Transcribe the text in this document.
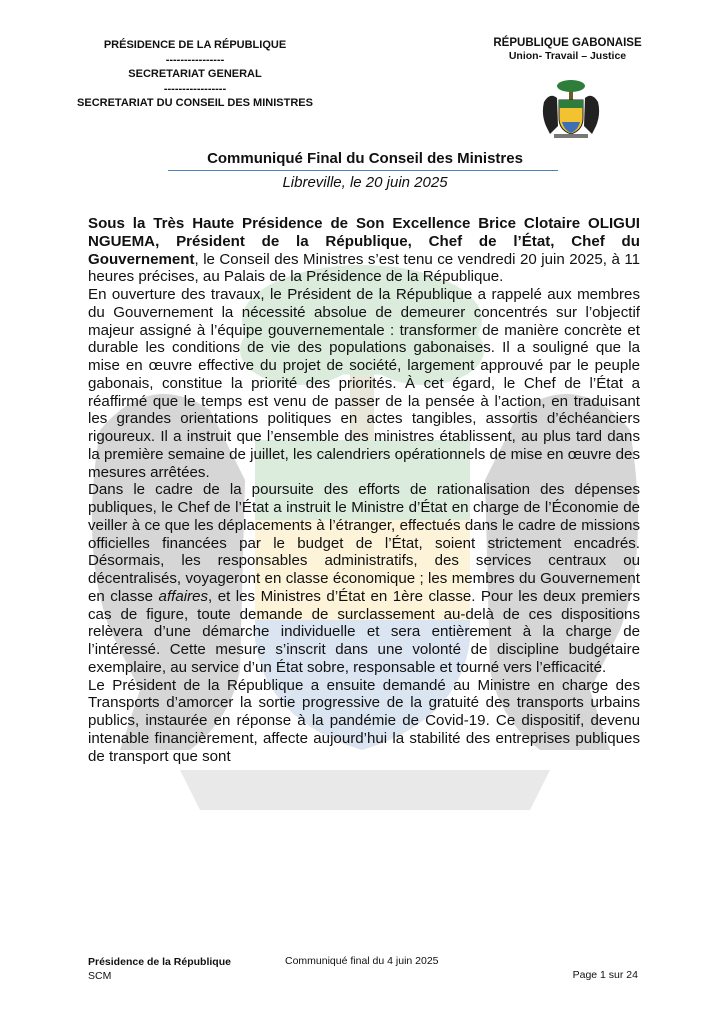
PRÉSIDENCE DE LA RÉPUBLIQUE
----------------
SECRETARIAT GENERAL
-----------------
SECRETARIAT DU CONSEIL DES MINISTRES
RÉPUBLIQUE GABONAISE
Union- Travail – Justice
Communiqué Final du Conseil des Ministres
Libreville, le 20 juin 2025

Sous la Très Haute Présidence de Son Excellence Brice Clotaire OLIGUI NGUEMA, Président de la République, Chef de l’État, Chef du Gouvernement, le Conseil des Ministres s’est tenu ce vendredi 20 juin 2025, à 11 heures précises, au Palais de la Présidence de la République.

En ouverture des travaux, le Président de la République a rappelé aux membres du Gouvernement la nécessité absolue de demeurer concentrés sur l’objectif majeur assigné à l’équipe gouvernementale : transformer de manière concrète et durable les conditions de vie des populations gabonaises. Il a souligné que la mise en œuvre effective du projet de société, largement approuvé par le peuple gabonais, constitue la priorité des priorités. À cet égard, le Chef de l’État a réaffirmé que le temps est venu de passer de la pensée à l’action, en traduisant les grandes orientations politiques en actes tangibles, assortis d’échéanciers rigoureux. Il a instruit que l’ensemble des ministres établissent, au plus tard dans la première semaine de juillet, les calendriers opérationnels de mise en œuvre des mesures arrêtées.

Dans le cadre de la poursuite des efforts de rationalisation des dépenses publiques, le Chef de l’État a instruit le Ministre d’État en charge de l’Économie de veiller à ce que les déplacements à l’étranger, effectués dans le cadre de missions officielles financées par le budget de l’État, soient strictement encadrés. Désormais, les responsables administratifs, des services centraux ou décentralisés, voyageront en classe économique ; les membres du Gouvernement en classe affaires, et les Ministres d’État en 1ère classe. Pour les deux premiers cas de figure, toute demande de surclassement au-delà de ces dispositions relèvera d’une démarche individuelle et sera entièrement à la charge de l’intéressé. Cette mesure s’inscrit dans une volonté de discipline budgétaire exemplaire, au service d’un État sobre, responsable et tourné vers l’efficacité.

Le Président de la République a ensuite demandé au Ministre en charge des Transports d’amorcer la sortie progressive de la gratuité des transports urbains publics, instaurée en réponse à la pandémie de Covid-19. Ce dispositif, devenu intenable financièrement, affecte aujourd’hui la stabilité des entreprises publiques de transport que sont

Présidence de la République
SCM
Communiqué final du 4 juin 2025
Page 1 sur 24
